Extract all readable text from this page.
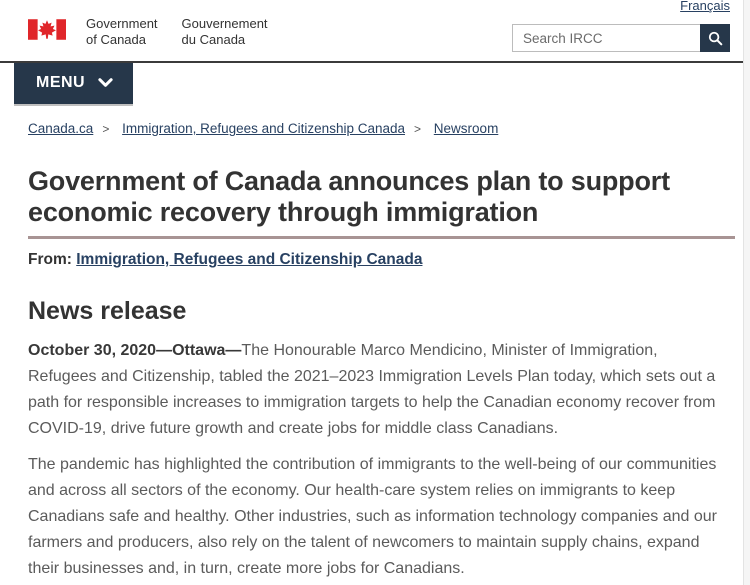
Government
of Canada
Gouvernement
du Canada
Français
Search IRCC
MENU
Canada.ca > Immigration, Refugees and Citizenship Canada > Newsroom
Government of Canada announces plan to support economic recovery through immigration

From: Immigration, Refugees and Citizenship Canada

News release

October 30, 2020—Ottawa—The Honourable Marco Mendicino, Minister of Immigration, Refugees and Citizenship, tabled the 2021–2023 Immigration Levels Plan today, which sets out a path for responsible increases to immigration targets to help the Canadian economy recover from COVID-19, drive future growth and create jobs for middle class Canadians.

The pandemic has highlighted the contribution of immigrants to the well-being of our communities and across all sectors of the economy. Our health-care system relies on immigrants to keep Canadians safe and healthy. Other industries, such as information technology companies and our farmers and producers, also rely on the talent of newcomers to maintain supply chains, expand their businesses and, in turn, create more jobs for Canadians.
